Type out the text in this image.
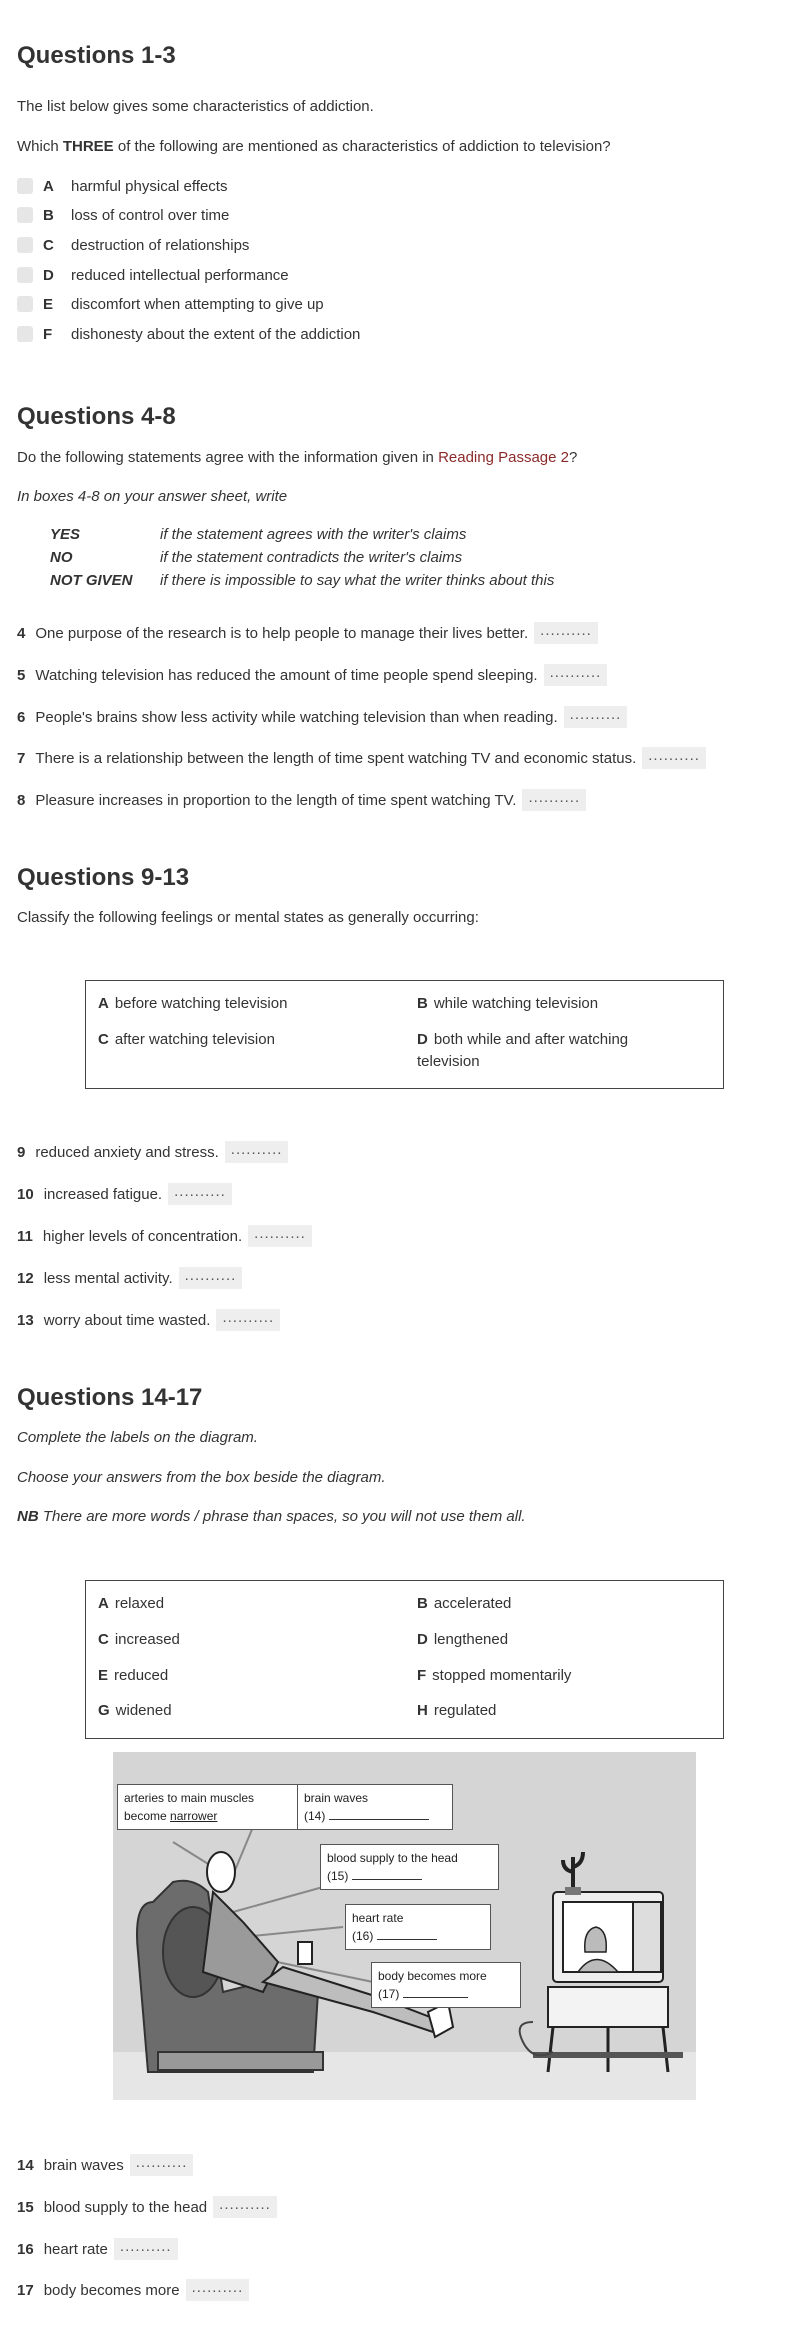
Questions 1-3
The list below gives some characteristics of addiction.
Which THREE of the following are mentioned as characteristics of addiction to television?
A	harmful physical effects
B	loss of control over time
C	destruction of relationships
D	reduced intellectual performance
E	discomfort when attempting to give up
F	dishonesty about the extent of the addiction
Questions 4-8
Do the following statements agree with the information given in Reading Passage 2?
In boxes 4-8 on your answer sheet, write
YES	if the statement agrees with the writer's claims
NO	if the statement contradicts the writer's claims
NOT GIVEN	if there is impossible to say what the writer thinks about this
4 One purpose of the research is to help people to manage their lives better. ..........
5 Watching television has reduced the amount of time people spend sleeping. ..........
6 People's brains show less activity while watching television than when reading. ..........
7 There is a relationship between the length of time spent watching TV and economic status. ..........
8 Pleasure increases in proportion to the length of time spent watching TV. ..........
Questions 9-13
Classify the following feelings or mental states as generally occurring:
A before watching television	B while watching television
C after watching television	D both while and after watching television
9 reduced anxiety and stress. ..........
10 increased fatigue. ..........
11 higher levels of concentration. ..........
12 less mental activity. ..........
13 worry about time wasted. ..........
Questions 14-17
Complete the labels on the diagram.
Choose your answers from the box beside the diagram.
NB There are more words / phrase than spaces, so you will not use them all.
A relaxed	B accelerated
C increased	D lengthened
E reduced	F stopped momentarily
G widened	H regulated
arteries to main muscles
become narrower
brain waves
(14)
blood supply to the head
(15)
heart rate
(16)
body becomes more
(17)
14 brain waves ..........
15 blood supply to the head ..........
16 heart rate ..........
17 body becomes more ..........
